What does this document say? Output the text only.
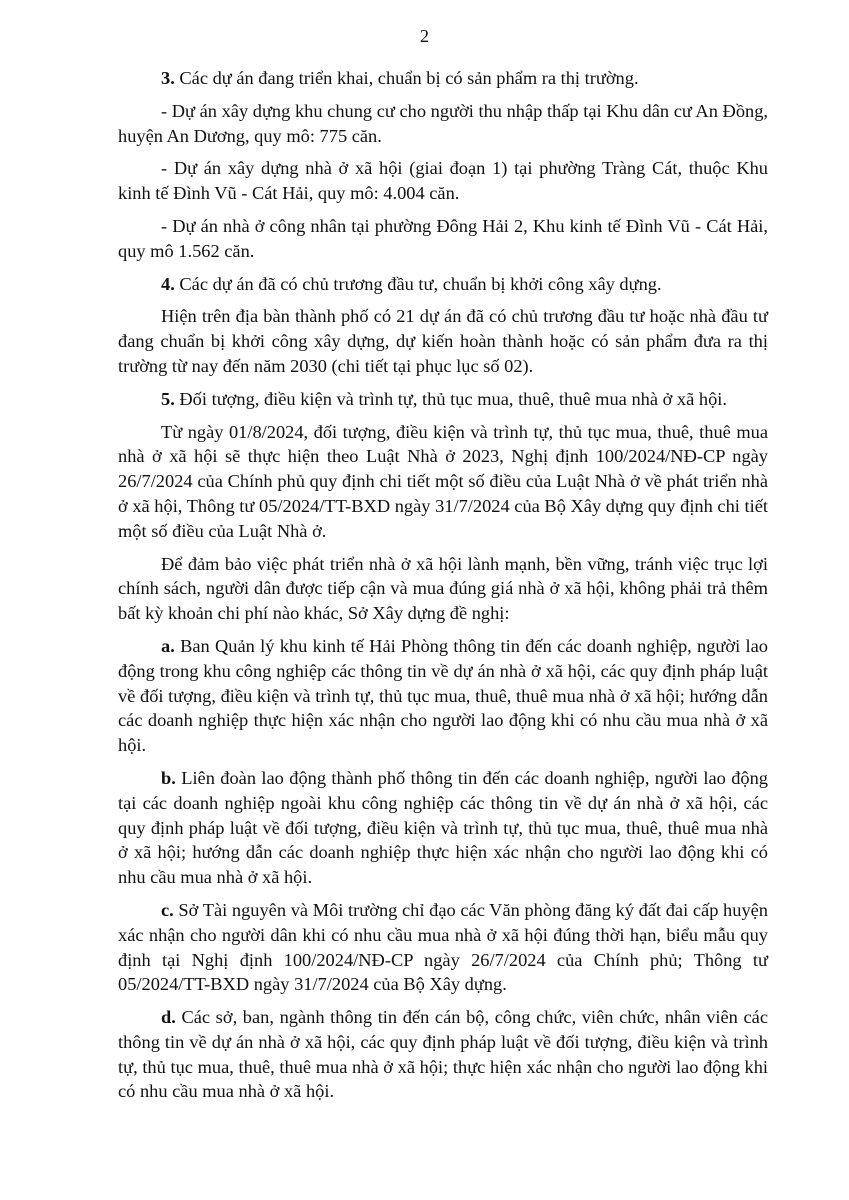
2

3. Các dự án đang triển khai, chuẩn bị có sản phẩm ra thị trường.

- Dự án xây dựng khu chung cư cho người thu nhập thấp tại Khu dân cư An Đồng, huyện An Dương, quy mô: 775 căn.

- Dự án xây dựng nhà ở xã hội (giai đoạn 1) tại phường Tràng Cát, thuộc Khu kinh tế Đình Vũ - Cát Hải, quy mô: 4.004 căn.

- Dự án nhà ở công nhân tại phường Đông Hải 2, Khu kinh tế Đình Vũ - Cát Hải, quy mô 1.562 căn.

4. Các dự án đã có chủ trương đầu tư, chuẩn bị khởi công xây dựng.

Hiện trên địa bàn thành phố có 21 dự án đã có chủ trương đầu tư hoặc nhà đầu tư đang chuẩn bị khởi công xây dựng, dự kiến hoàn thành hoặc có sản phẩm đưa ra thị trường từ nay đến năm 2030 (chi tiết tại phục lục số 02).

5. Đối tượng, điều kiện và trình tự, thủ tục mua, thuê, thuê mua nhà ở xã hội.

Từ ngày 01/8/2024, đối tượng, điều kiện và trình tự, thủ tục mua, thuê, thuê mua nhà ở xã hội sẽ thực hiện theo Luật Nhà ở 2023, Nghị định 100/2024/NĐ-CP ngày 26/7/2024 của Chính phủ quy định chi tiết một số điều của Luật Nhà ở về phát triển nhà ở xã hội, Thông tư 05/2024/TT-BXD ngày 31/7/2024 của Bộ Xây dựng quy định chi tiết một số điều của Luật Nhà ở.

Để đảm bảo việc phát triển nhà ở xã hội lành mạnh, bền vững, tránh việc trục lợi chính sách, người dân được tiếp cận và mua đúng giá nhà ở xã hội, không phải trả thêm bất kỳ khoản chi phí nào khác, Sở Xây dựng đề nghị:

a. Ban Quản lý khu kinh tế Hải Phòng thông tin đến các doanh nghiệp, người lao động trong khu công nghiệp các thông tin về dự án nhà ở xã hội, các quy định pháp luật về đối tượng, điều kiện và trình tự, thủ tục mua, thuê, thuê mua nhà ở xã hội; hướng dẫn các doanh nghiệp thực hiện xác nhận cho người lao động khi có nhu cầu mua nhà ở xã hội.

b. Liên đoàn lao động thành phố thông tin đến các doanh nghiệp, người lao động tại các doanh nghiệp ngoài khu công nghiệp các thông tin về dự án nhà ở xã hội, các quy định pháp luật về đối tượng, điều kiện và trình tự, thủ tục mua, thuê, thuê mua nhà ở xã hội; hướng dẫn các doanh nghiệp thực hiện xác nhận cho người lao động khi có nhu cầu mua nhà ở xã hội.

c. Sở Tài nguyên và Môi trường chỉ đạo các Văn phòng đăng ký đất đai cấp huyện xác nhận cho người dân khi có nhu cầu mua nhà ở xã hội đúng thời hạn, biểu mẫu quy định tại Nghị định 100/2024/NĐ-CP ngày 26/7/2024 của Chính phủ; Thông tư 05/2024/TT-BXD ngày 31/7/2024 của Bộ Xây dựng.

d. Các sở, ban, ngành thông tin đến cán bộ, công chức, viên chức, nhân viên các thông tin về dự án nhà ở xã hội, các quy định pháp luật về đối tượng, điều kiện và trình tự, thủ tục mua, thuê, thuê mua nhà ở xã hội; thực hiện xác nhận cho người lao động khi có nhu cầu mua nhà ở xã hội.
